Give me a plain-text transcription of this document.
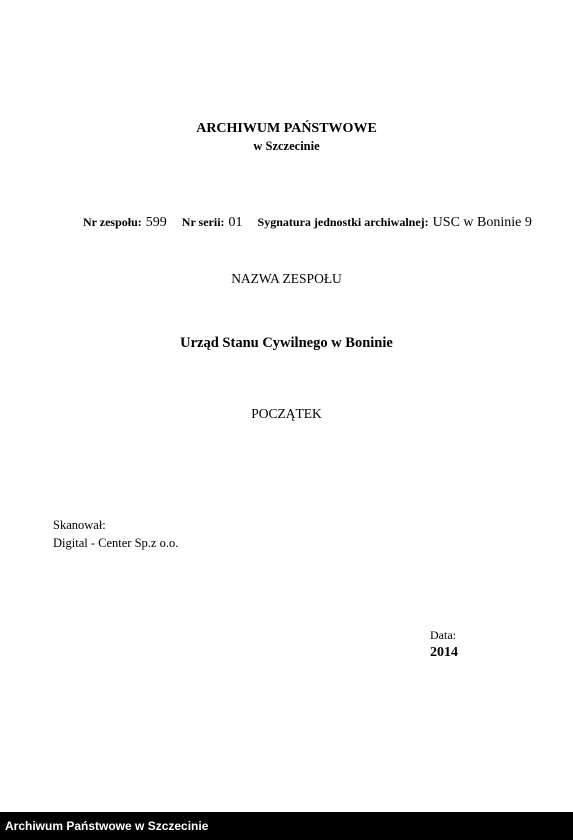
ARCHIWUM PAŃSTWOWE
w Szczecinie
Nr zespołu: 599 Nr serii: 01 Sygnatura jednostki archiwalnej: USC w Boninie 9
NAZWA ZESPOŁU
Urząd Stanu Cywilnego w Boninie
POCZĄTEK
Skanował:
Digital - Center Sp.z o.o.
Data:
2014
Archiwum Państwowe w Szczecinie
